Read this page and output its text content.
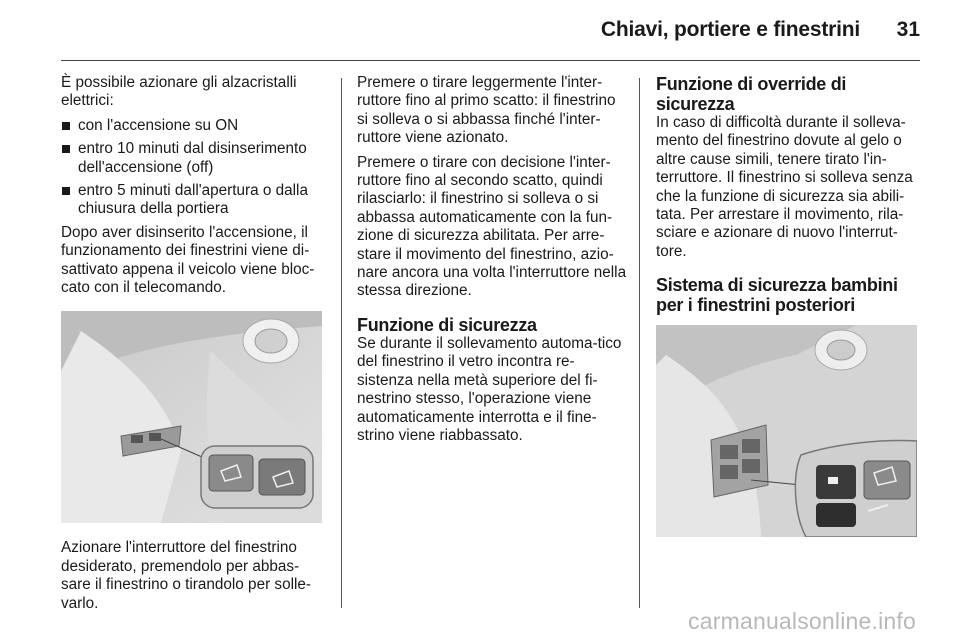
Chiavi, portiere e finestrini	31

È possibile azionare gli alzacristalli elettrici:

con l'accensione su ON
entro 10 minuti dal disinserimento dell'accensione (off)
entro 5 minuti dall'apertura o dalla chiusura della portiera

Dopo aver disinserito l'accensione, il funzionamento dei finestrini viene di-sattivato appena il veicolo viene bloc-cato con il telecomando.

Azionare l'interruttore del finestrino desiderato, premendolo per abbas-sare il finestrino o tirandolo per solle-varlo.

Premere o tirare leggermente l'inter-ruttore fino al primo scatto: il finestrino si solleva o si abbassa finché l'inter-ruttore viene azionato.

Premere o tirare con decisione l'inter-ruttore fino al secondo scatto, quindi rilasciarlo: il finestrino si solleva o si abbassa automaticamente con la fun-zione di sicurezza abilitata. Per arre-stare il movimento del finestrino, azio-nare ancora una volta l'interruttore nella stessa direzione.

Funzione di sicurezza

Se durante il sollevamento automa-tico del finestrino il vetro incontra re-sistenza nella metà superiore del fi-nestrino stesso, l'operazione viene automaticamente interrotta e il fine-strino viene riabbassato.

Funzione di override di sicurezza

In caso di difficoltà durante il solleva-mento del finestrino dovute al gelo o altre cause simili, tenere tirato l'in-terruttore. Il finestrino si solleva senza che la funzione di sicurezza sia abili-tata. Per arrestare il movimento, rila-sciare e azionare di nuovo l'interrut-tore.

Sistema di sicurezza bambini per i finestrini posteriori
carmanualsonline.info
